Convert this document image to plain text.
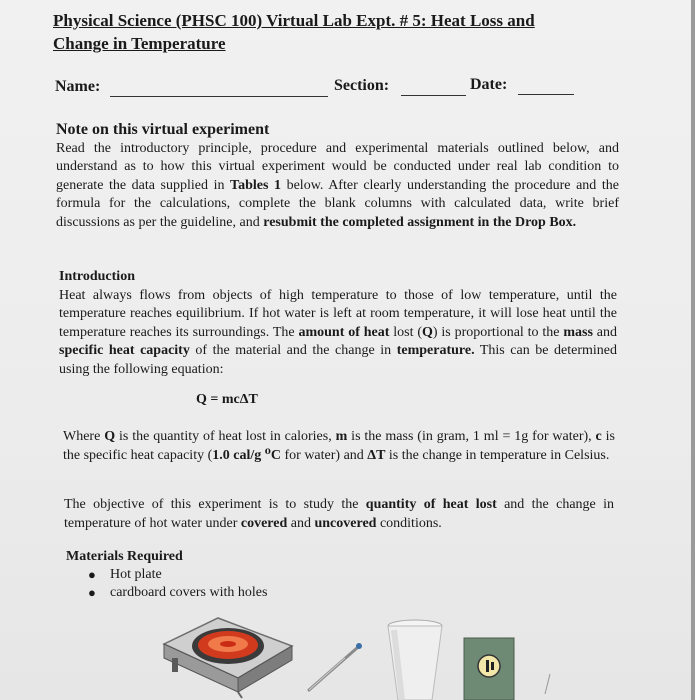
Physical Science (PHSC 100) Virtual Lab Expt. # 5: Heat Loss and
Change in Temperature
Name:	Section:	Date:
Note on this virtual experiment
Read the introductory principle, procedure and experimental materials outlined below, and understand as to how this virtual experiment would be conducted under real lab condition to generate the data supplied in Tables 1 below. After clearly understanding the procedure and the formula for the calculations, complete the blank columns with calculated data, write brief discussions as per the guideline, and resubmit the completed assignment in the Drop Box.
Introduction
Heat always flows from objects of high temperature to those of low temperature, until the temperature reaches equilibrium. If hot water is left at room temperature, it will lose heat until the temperature reaches its surroundings. The amount of heat lost (Q) is proportional to the mass and specific heat capacity of the material and the change in temperature. This can be determined using the following equation:
Q = mcΔT
Where Q is the quantity of heat lost in calories, m is the mass (in gram, 1 ml = 1g for water), c is the specific heat capacity (1.0 cal/g ⁰C for water) and ΔT is the change in temperature in Celsius.
The objective of this experiment is to study the quantity of heat lost and the change in temperature of hot water under covered and uncovered conditions.
Materials Required
● Hot plate
● cardboard covers with holes
